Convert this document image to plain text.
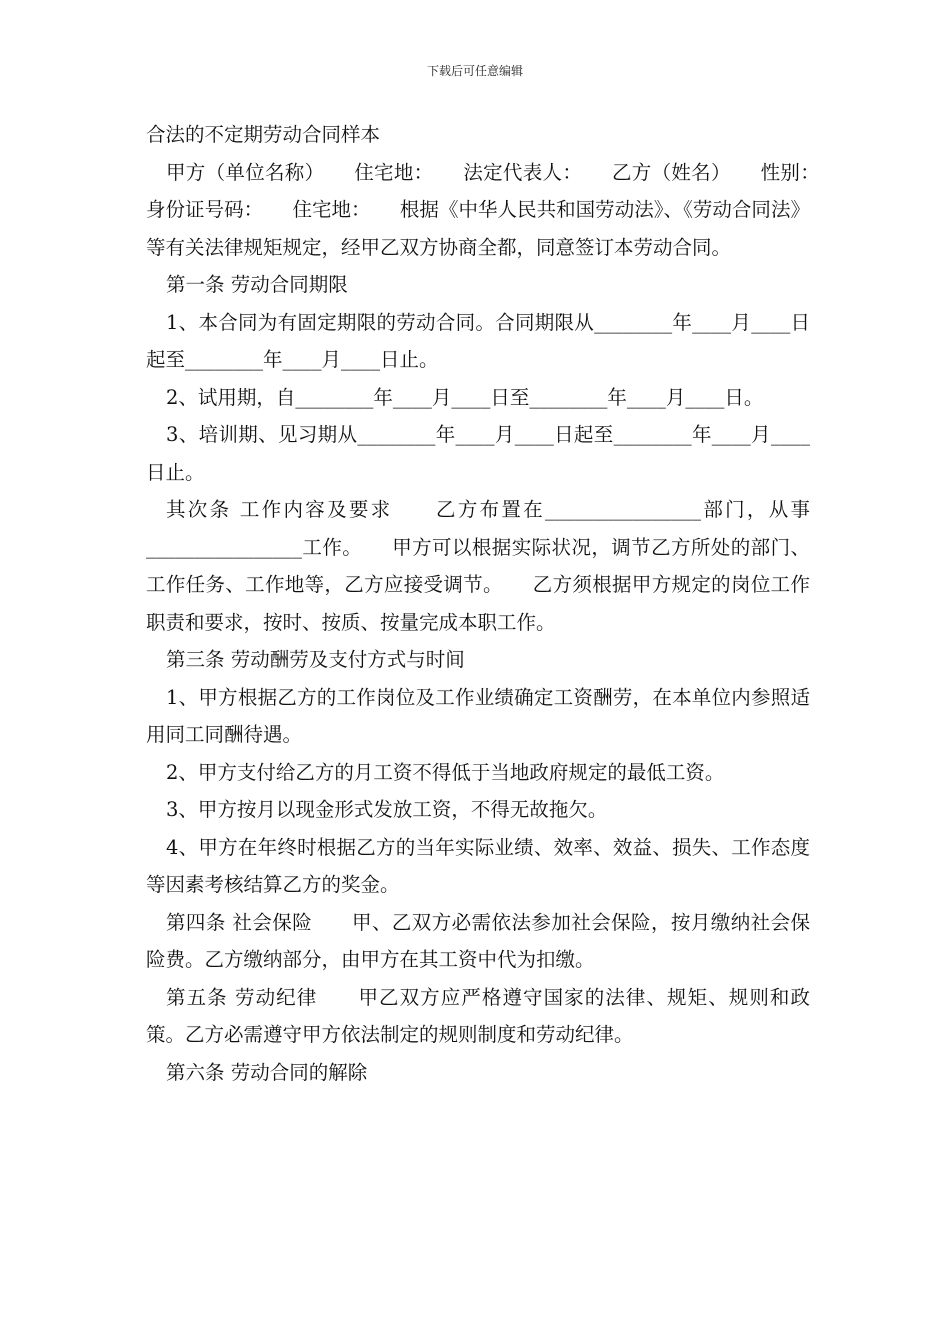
下载后可任意编辑

合法的不定期劳动合同样本

甲方（单位名称）　　住宅地：　　法定代表人：　　乙方（姓名）　　性别：　　身份证号码：　　住宅地：　　根据《中华人民共和国劳动法》、《劳动合同法》等有关法律规矩规定，经甲乙双方协商全都，同意签订本劳动合同。

第一条 劳动合同期限

1、本合同为有固定期限的劳动合同。合同期限从________年____月____日起至________年____月____日止。

2、试用期，自________年____月____日至________年____月____日。

3、培训期、见习期从________年____月____日起至________年____月____日止。

其次条 工作内容及要求　　乙方布置在________________部门，从事________________工作。　　甲方可以根据实际状况，调节乙方所处的部门、工作任务、工作地等，乙方应接受调节。　　乙方须根据甲方规定的岗位工作职责和要求，按时、按质、按量完成本职工作。

第三条 劳动酬劳及支付方式与时间

1、甲方根据乙方的工作岗位及工作业绩确定工资酬劳，在本单位内参照适用同工同酬待遇。

2、甲方支付给乙方的月工资不得低于当地政府规定的最低工资。

3、甲方按月以现金形式发放工资，不得无故拖欠。

4、甲方在年终时根据乙方的当年实际业绩、效率、效益、损失、工作态度等因素考核结算乙方的奖金。

第四条 社会保险　　甲、乙双方必需依法参加社会保险，按月缴纳社会保险费。乙方缴纳部分，由甲方在其工资中代为扣缴。

第五条 劳动纪律　　甲乙双方应严格遵守国家的法律、规矩、规则和政策。乙方必需遵守甲方依法制定的规则制度和劳动纪律。

第六条 劳动合同的解除
